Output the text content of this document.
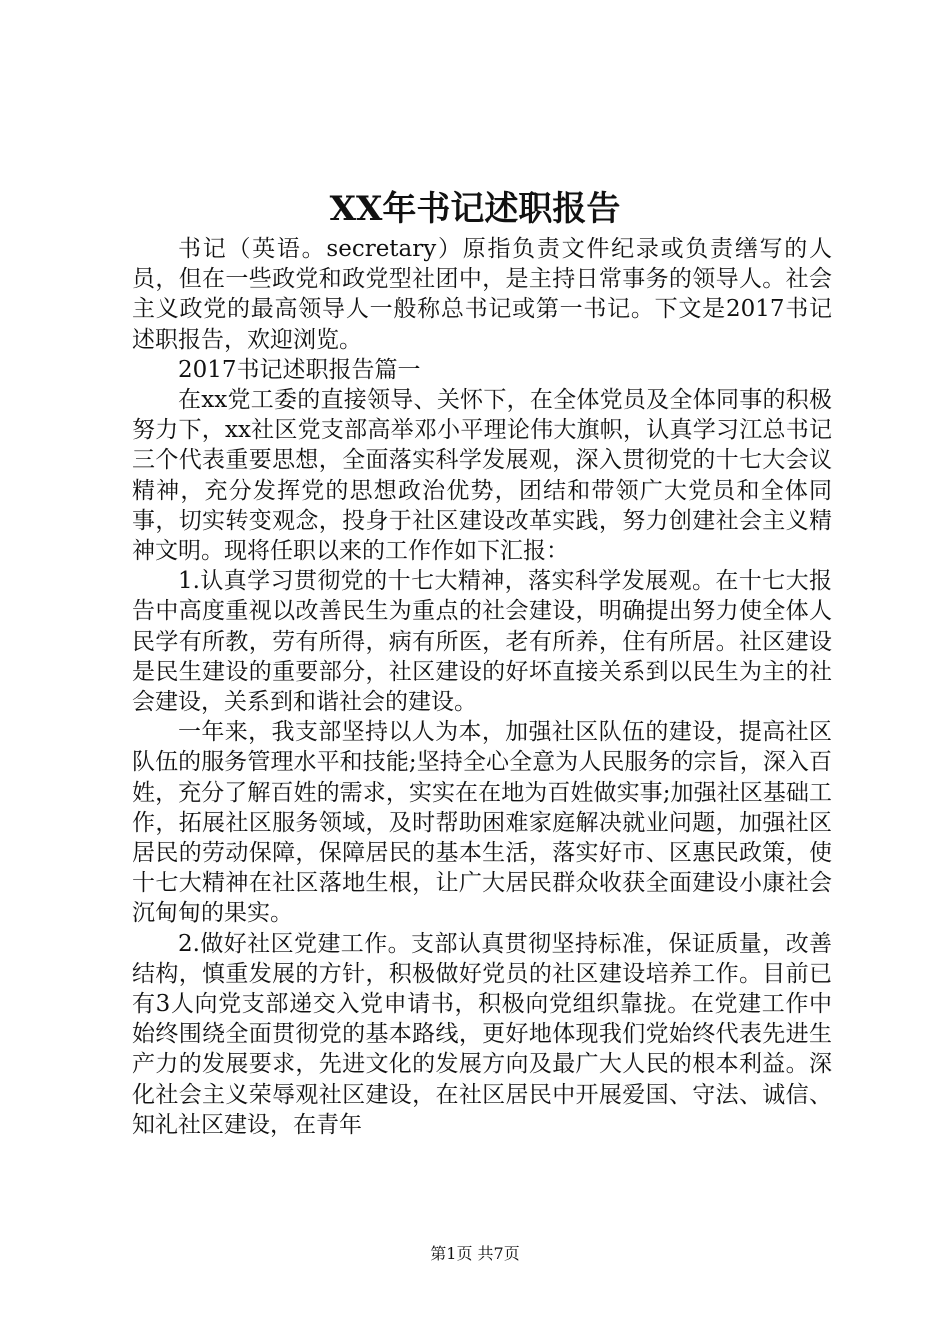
XX年书记述职报告

书记（英语。secretary）原指负责文件纪录或负责缮写的人员，但在一些政党和政党型社团中，是主持日常事务的领导人。社会主义政党的最高领导人一般称总书记或第一书记。下文是2017书记述职报告，欢迎浏览。

2017书记述职报告篇一

在xx党工委的直接领导、关怀下，在全体党员及全体同事的积极努力下，xx社区党支部高举邓小平理论伟大旗帜，认真学习江总书记三个代表重要思想，全面落实科学发展观，深入贯彻党的十七大会议精神，充分发挥党的思想政治优势，团结和带领广大党员和全体同事，切实转变观念，投身于社区建设改革实践，努力创建社会主义精神文明。现将任职以来的工作作如下汇报：

1.认真学习贯彻党的十七大精神，落实科学发展观。在十七大报告中高度重视以改善民生为重点的社会建设，明确提出努力使全体人民学有所教，劳有所得，病有所医，老有所养，住有所居。社区建设是民生建设的重要部分，社区建设的好坏直接关系到以民生为主的社会建设，关系到和谐社会的建设。

一年来，我支部坚持以人为本，加强社区队伍的建设，提高社区队伍的服务管理水平和技能;坚持全心全意为人民服务的宗旨，深入百姓，充分了解百姓的需求，实实在在地为百姓做实事;加强社区基础工作，拓展社区服务领域，及时帮助困难家庭解决就业问题，加强社区居民的劳动保障，保障居民的基本生活，落实好市、区惠民政策，使十七大精神在社区落地生根，让广大居民群众收获全面建设小康社会沉甸甸的果实。

2.做好社区党建工作。支部认真贯彻坚持标准，保证质量，改善结构，慎重发展的方针，积极做好党员的社区建设培养工作。目前已有3人向党支部递交入党申请书，积极向党组织靠拢。在党建工作中始终围绕全面贯彻党的基本路线，更好地体现我们党始终代表先进生产力的发展要求，先进文化的发展方向及最广大人民的根本利益。深化社会主义荣辱观社区建设，在社区居民中开展爱国、守法、诚信、知礼社区建设，在青年

第1页 共7页
